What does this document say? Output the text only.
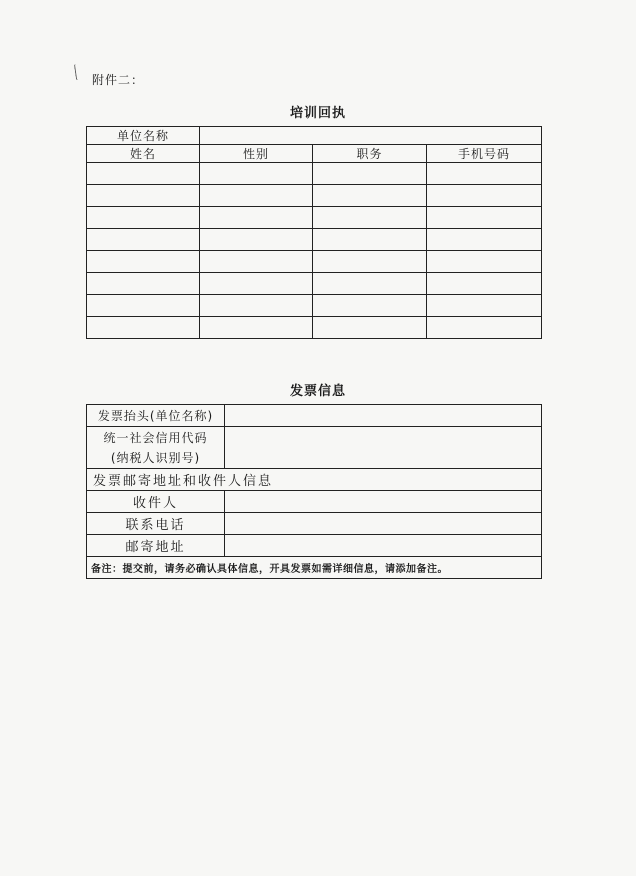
附件二：
培训回执
单位名称			
姓名	性别	职务	手机号码

发票信息
发票抬头(单位名称)	

统一社会信用代码
(纳税人识别号)	

发票邮寄地址和收件人信息	
收件人	
联系电话	
邮寄地址	
备注：提交前，请务必确认具体信息，开具发票如需详细信息，请添加备注。	
